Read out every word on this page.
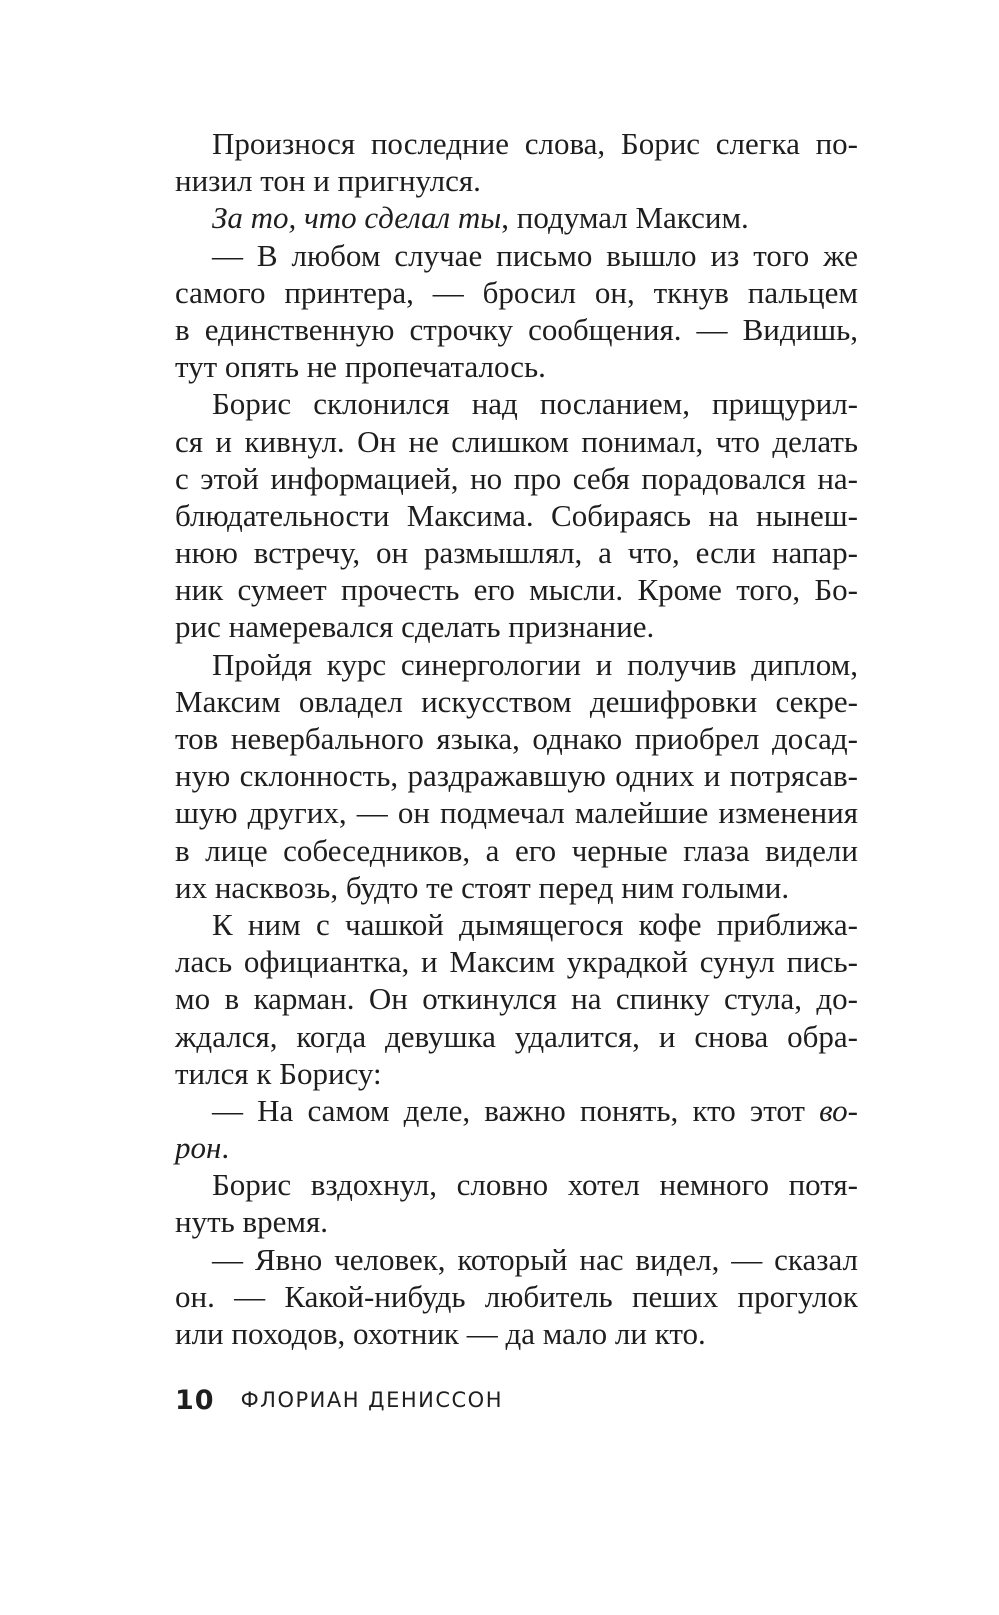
Произнося последние слова, Борис слегка по-
низил тон и пригнулся.
За то, что сделал ты, подумал Максим.
— В любом случае письмо вышло из того же
самого принтера, — бросил он, ткнув пальцем
в единственную строчку сообщения. — Видишь,
тут опять не пропечаталось.
Борис склонился над посланием, прищурил-
ся и кивнул. Он не слишком понимал, что делать
с этой информацией, но про себя порадовался на-
блюдательности Максима. Собираясь на нынеш-
нюю встречу, он размышлял, а что, если напар-
ник сумеет прочесть его мысли. Кроме того, Бо-
рис намеревался сделать признание.
Пройдя курс синергологии и получив диплом,
Максим овладел искусством дешифровки секре-
тов невербального языка, однако приобрел досад-
ную склонность, раздражавшую одних и потрясав-
шую других, — он подмечал малейшие изменения
в лице собеседников, а его черные глаза видели
их насквозь, будто те стоят перед ним голыми.
К ним с чашкой дымящегося кофе приближа-
лась официантка, и Максим украдкой сунул пись-
мо в карман. Он откинулся на спинку стула, до-
ждался, когда девушка удалится, и снова обра-
тился к Борису:
— На самом деле, важно понять, кто этот во-
рон.
Борис вздохнул, словно хотел немного потя-
нуть время.
— Явно человек, который нас видел, — сказал
он. — Какой-нибудь любитель пеших прогулок
или походов, охотник — да мало ли кто.
10 ФЛОРИАН ДЕНИССОН
